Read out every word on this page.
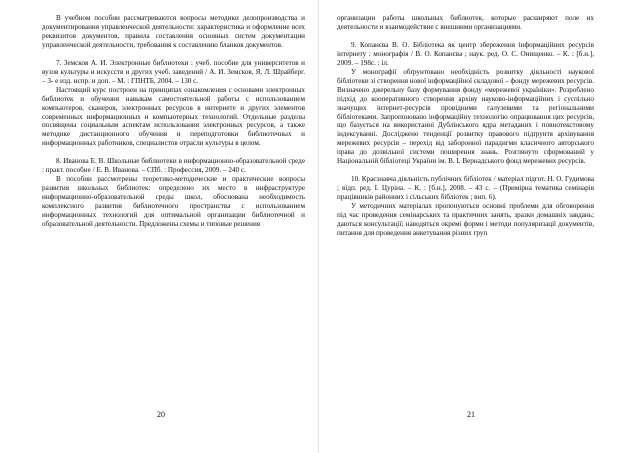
В учебном пособии рассматриваются вопросы методики делопроизводства и документирования управленческой деятельности: характеристика и оформление всех реквизитов документов, правила составления основных систем документации управленческой деятельности, требования к составлению бланков документов.

7. Земсков А. И. Электронные библиотеки : учеб. пособие для университетов и вузов культуры и искусств и других учеб. заведений / А. И. Земсков, Я. Л. Шрайберг. – 3- е изд. испр. и доп. – М. : ГПНТБ, 2004. – 130 с.

Настоящий курс построен на принципах ознакомления с основами электронных библиотек и обучения навыкам самостоятельной работы с использованием компьютеров, сканеров, электронных ресурсов в интернете и других элементов современных информационных и компьютерных технологий. Отдельные разделы посвящены социальным аспектам использования электронных ресурсов, а также методике дистанционного обучения и переподготовки библиотечных и информационных работников, специалистов отрасли культуры в целом.

8. Иванова Е. В. Школьные библиотеки в информационно-образовательной среде : практ. пособие / Е. В. Иванова. – СПб. : Профессия, 2009. – 240 с.

В пособии рассмотрены теоретико-методические и практические вопросы развития школьных библиотек: определено их место в инфраструктуре информационно-образовательной среды школ, обоснована необходимость комплексного развития библиотечного пространства с использованием информационных технологий для оптимальной организации библиотечной и образовательной деятельности. Предложены схемы и типовые решения

20

организации работы школьных библиотек, которые расширяют поле их деятельности и взаимодействие с внешними организациями.

9. Копанєва В. О. Бібліотека як центр збереження інформаційних ресурсів інтернету : монографія / В. О. Копанєва ; наук. ред. О. С. Онищенко. – К. : [б.и.], 2009. – 198с. : іл.

У монографії обґрунтовано необхідність розвитку діяльності наукової бібліотеки зі створення нової інформаційної складової – фонду мережевих ресурсів. Визначено джерельну базу формування фонду «мережевої україніки». Розроблено підхід до кооперативного створення архіву науково-інформаційних і суспільно значущих інтернет-ресурсів провідними галузевими та регіональними бібліотеками. Запропоновано інформаційну технологію опрацювання цих ресурсів, що базується на використанні Дублінського ядра метаданих і повнотекстовому індексуванні. Досліджено тенденції розвитку правового підґрунтя архівування мережевих ресурсів – перехід від заборонної парадигми класичного авторського права до дозвільної системи поширення знань. Розглянуто сформований у Національній бібліотеці України ім. В. І. Вернадського фонд мережевих ресурсів.

10. Краєзнавча діяльність публічних бібліотек / матеріал підгот. Н. О. Гудимова ; відп. ред. І. Цуріна. – К. : [б.и.], 2008. – 43 с. – (Примірна тематика семінарів працівників районних і сільських бібліотек ; вип. 6).

У методичних матеріалах пропонуються основні проблеми для обговорення під час проведення семінарських та практичних занять, зразки домашніх завдань; даються консультації; наводяться окремі форми і методи популяризації документів, питання для проведення анкетування різних груп

21
